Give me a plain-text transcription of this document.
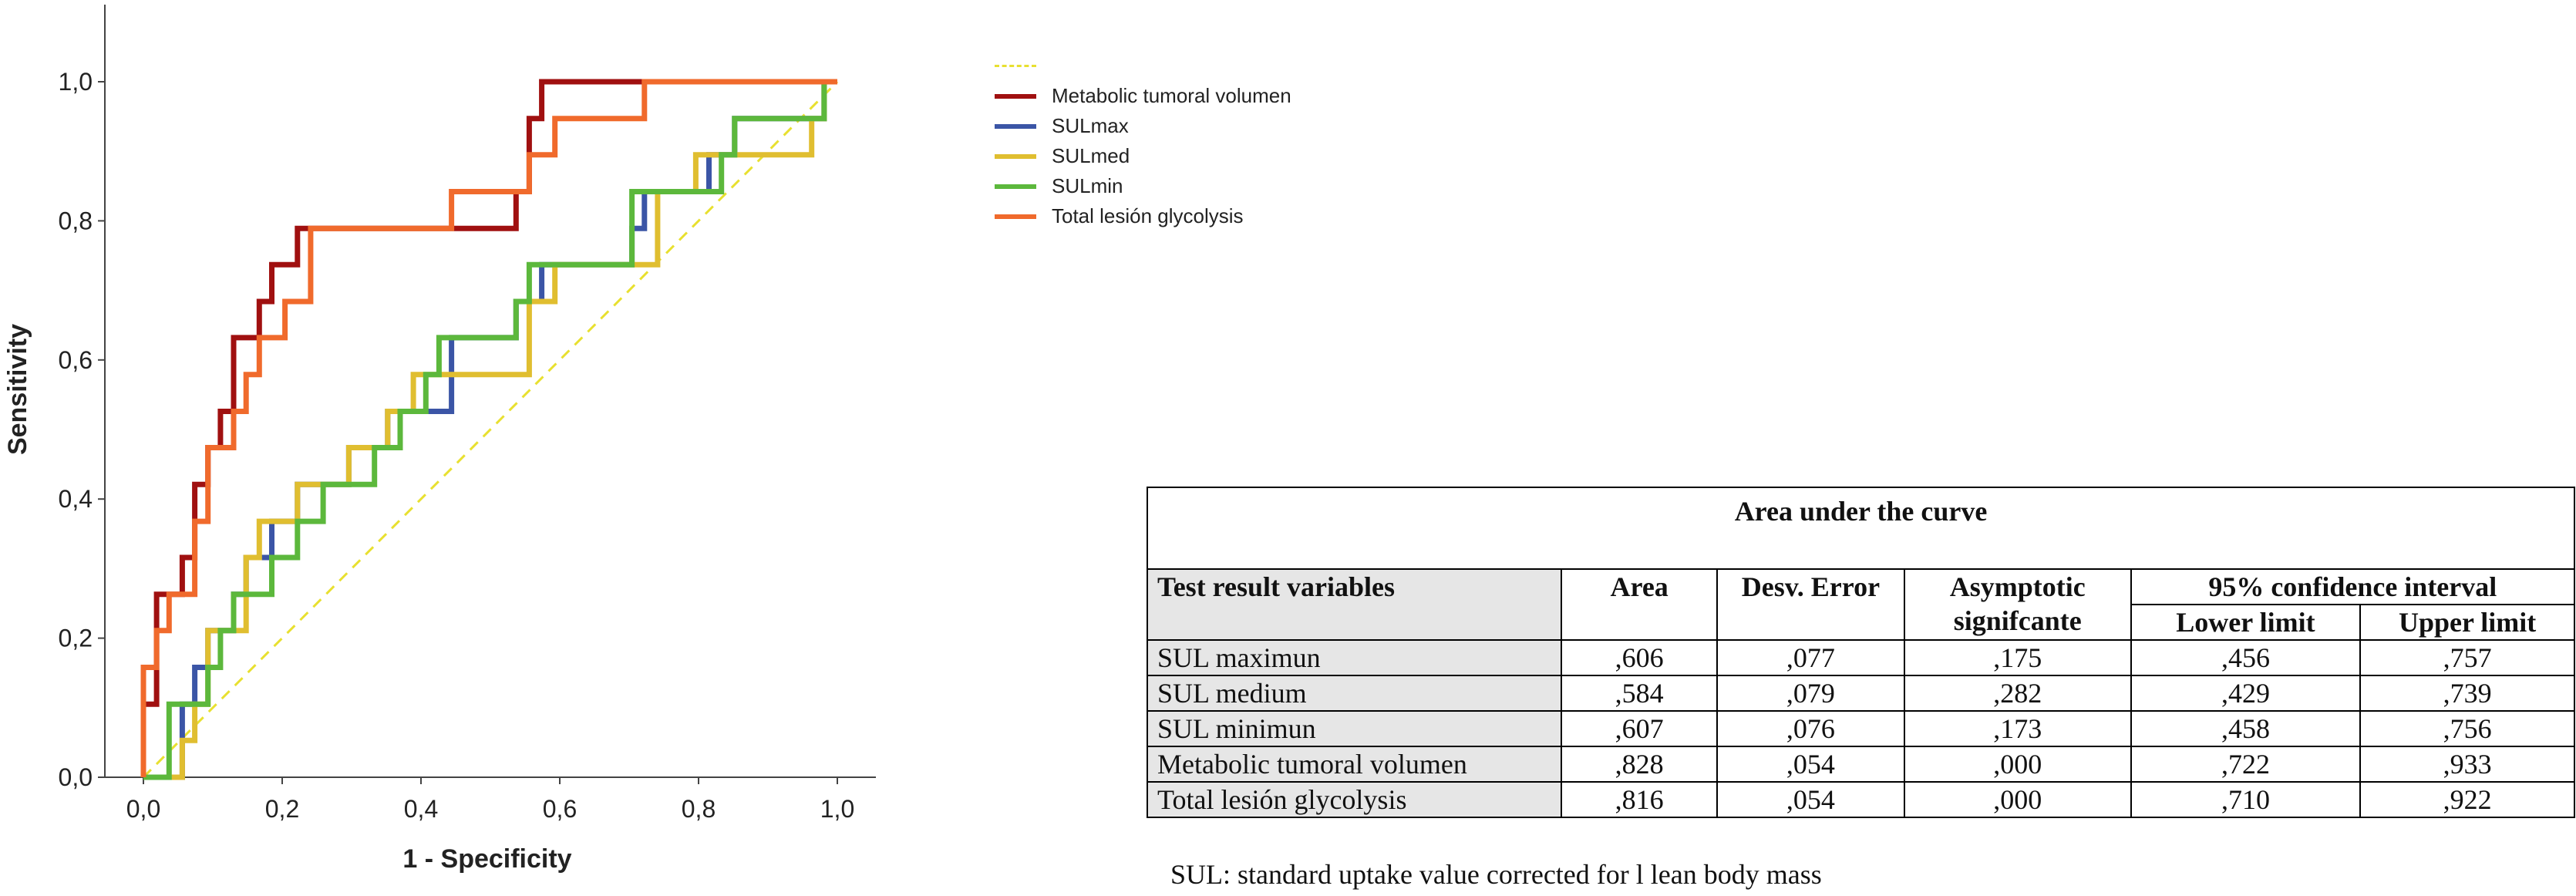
0,0	0,2	0,4	0,6	0,8	1,0
0,0
0,2
0,4
0,6
0,8
1,0
1 - Specificity
Sensitivity
Metabolic tumoral volumen
SULmax
SULmed
SULmin
Total lesión glycolysis
Area under the curve					
Test result variables	Area	Desv. Error	Asymptotic signifcante	95% confidence interval	
				Lower limit	Upper limit
SUL maximun	,606	,077	,175	,456	,757
SUL medium	,584	,079	,282	,429	,739
SUL minimun	,607	,076	,173	,458	,756
Metabolic tumoral volumen	,828	,054	,000	,722	,933
Total lesión glycolysis	,816	,054	,000	,710	,922
SUL: standard uptake value corrected for l lean body mass
